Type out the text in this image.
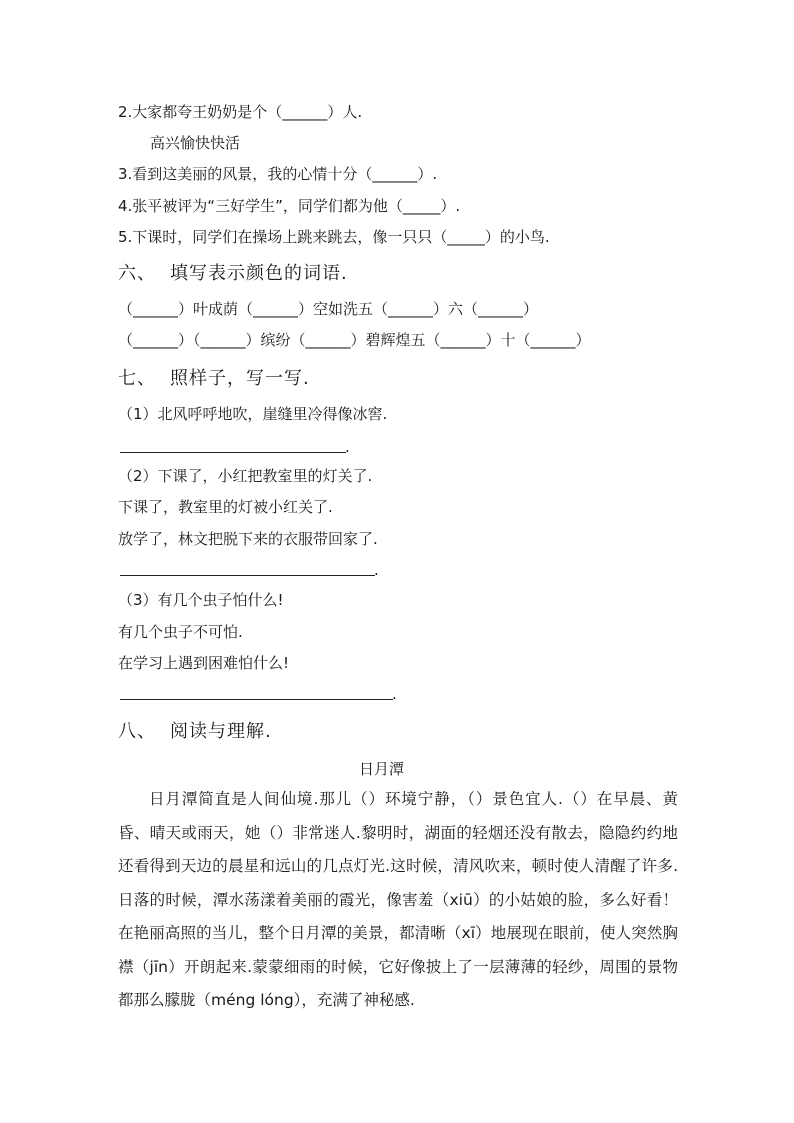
2.大家都夸王奶奶是个（______）人.
高兴愉快快活
3.看到这美丽的风景，我的心情十分（______）.
4.张平被评为“三好学生”，同学们都为他（_____）.
5.下课时，同学们在操场上跳来跳去，像一只只（_____）的小鸟.
六、 填写表示颜色的词语.
（______）叶成荫（______）空如洗五（______）六（______）
（______）（______）缤纷（______）碧辉煌五（______）十（______）
七、 照样子，写一写.
（1）北风呼呼地吹，崖缝里冷得像冰窖.
.
（2）下课了，小红把教室里的灯关了.
下课了，教室里的灯被小红关了.
放学了，林文把脱下来的衣服带回家了.
.
（3）有几个虫子怕什么!
有几个虫子不可怕.
在学习上遇到困难怕什么!
.
八、 阅读与理解.
日月潭

日月潭简直是人间仙境.那儿（）环境宁静，（）景色宜人.（）在早晨、黄昏、晴天或雨天，她（）非常迷人.黎明时，湖面的轻烟还没有散去，隐隐约约地还看得到天边的晨星和远山的几点灯光.这时候，清风吹来，顿时使人清醒了许多.日落的时候，潭水荡漾着美丽的霞光，像害羞（xiū）的小姑娘的脸，多么好看！在艳丽高照的当儿，整个日月潭的美景，都清晰（xī）地展现在眼前，使人突然胸襟（jīn）开朗起来.蒙蒙细雨的时候，它好像披上了一层薄薄的轻纱，周围的景物都那么朦胧（méng lóng），充满了神秘感.
